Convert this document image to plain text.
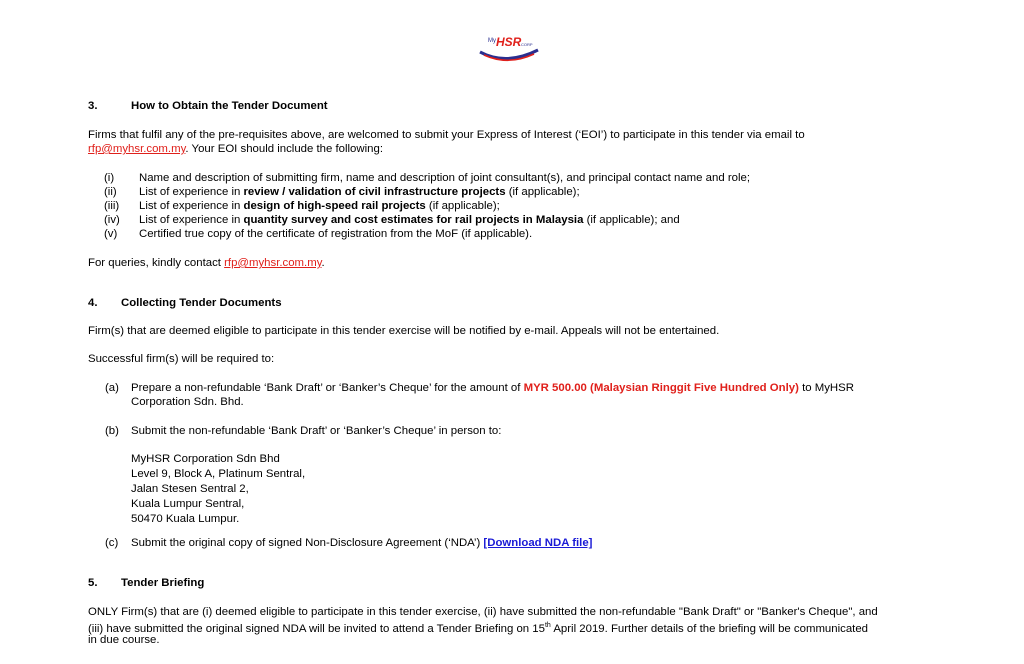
My HSR CORP
3.	How to Obtain the Tender Document
Firms that fulfil any of the pre-requisites above, are welcomed to submit your Express of Interest (‘EOI’) to participate in this tender via email to
rfp@myhsr.com.my. Your EOI should include the following:
(i) Name and description of submitting firm, name and description of joint consultant(s), and principal contact name and role;
(ii) List of experience in review / validation of civil infrastructure projects (if applicable);
(iii) List of experience in design of high-speed rail projects (if applicable);
(iv) List of experience in quantity survey and cost estimates for rail projects in Malaysia (if applicable); and
(v) Certified true copy of the certificate of registration from the MoF (if applicable).
For queries, kindly contact rfp@myhsr.com.my.
4. Collecting Tender Documents
Firm(s) that are deemed eligible to participate in this tender exercise will be notified by e-mail. Appeals will not be entertained.
Successful firm(s) will be required to:
(a) Prepare a non-refundable ‘Bank Draft’ or ‘Banker’s Cheque’ for the amount of MYR 500.00 (Malaysian Ringgit Five Hundred Only) to MyHSR
Corporation Sdn. Bhd.
(b) Submit the non-refundable ‘Bank Draft’ or ‘Banker’s Cheque’ in person to:
MyHSR Corporation Sdn Bhd
Level 9, Block A, Platinum Sentral,
Jalan Stesen Sentral 2,
Kuala Lumpur Sentral,
50470 Kuala Lumpur.
(c) Submit the original copy of signed Non-Disclosure Agreement (‘NDA’) [Download NDA file]
5. Tender Briefing
ONLY Firm(s) that are (i) deemed eligible to participate in this tender exercise, (ii) have submitted the non-refundable "Bank Draft" or "Banker's Cheque", and
(iii) have submitted the original signed NDA will be invited to attend a Tender Briefing on 15th April 2019. Further details of the briefing will be communicated
in due course.
